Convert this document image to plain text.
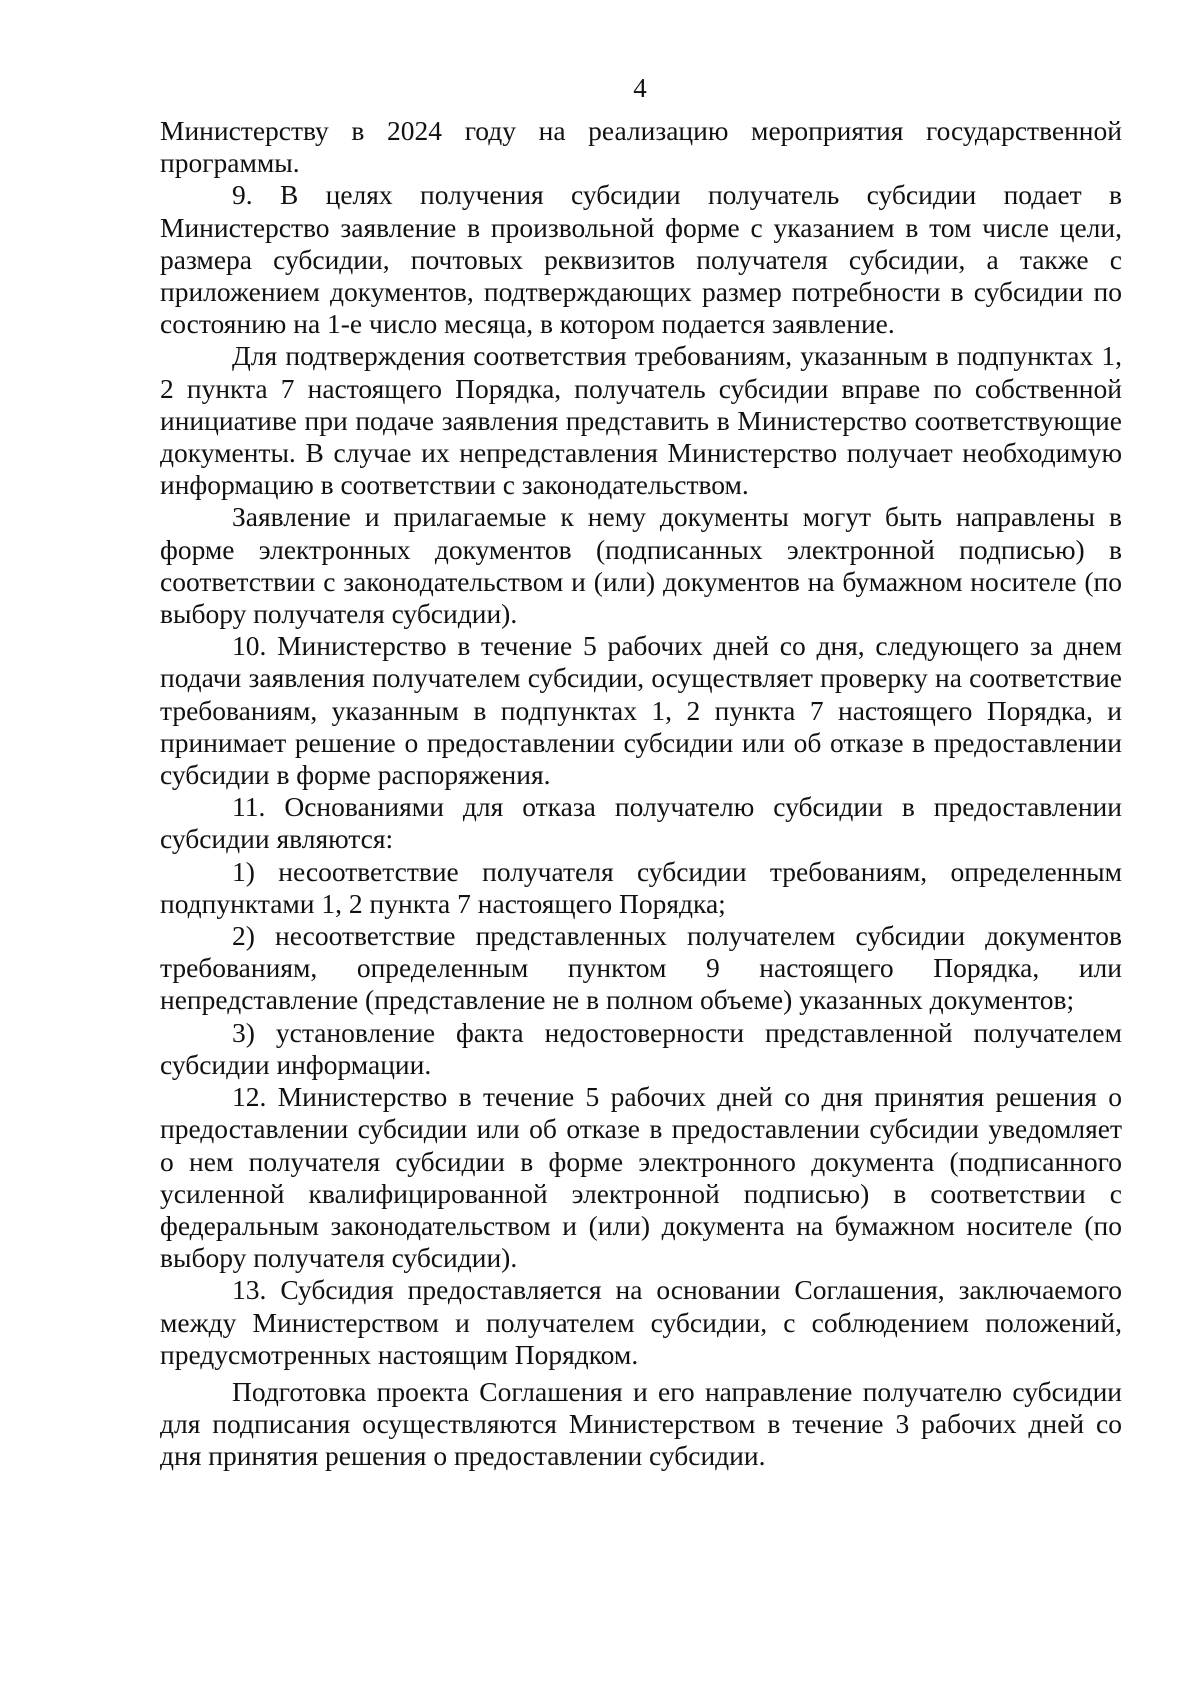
4

Министерству в 2024 году на реализацию мероприятия государственной программы.

9. В целях получения субсидии получатель субсидии подает в Министерство заявление в произвольной форме с указанием в том числе цели, размера субсидии, почтовых реквизитов получателя субсидии, а также с приложением документов, подтверждающих размер потребности в субсидии по состоянию на 1-е число месяца, в котором подается заявление.

Для подтверждения соответствия требованиям, указанным в подпунктах 1, 2 пункта 7 настоящего Порядка, получатель субсидии вправе по собственной инициативе при подаче заявления представить в Министерство соответствующие документы. В случае их непредставления Министерство получает необходимую информацию в соответствии с законодательством.

Заявление и прилагаемые к нему документы могут быть направлены в форме электронных документов (подписанных электронной подписью) в соответствии с законодательством и (или) документов на бумажном носителе (по выбору получателя субсидии).

10. Министерство в течение 5 рабочих дней со дня, следующего за днем подачи заявления получателем субсидии, осуществляет проверку на соответствие требованиям, указанным в подпунктах 1, 2 пункта 7 настоящего Порядка, и принимает решение о предоставлении субсидии или об отказе в предоставлении субсидии в форме распоряжения.

11. Основаниями для отказа получателю субсидии в предоставлении субсидии являются:

1) несоответствие получателя субсидии требованиям, определенным подпунктами 1, 2 пункта 7 настоящего Порядка;

2) несоответствие представленных получателем субсидии документов требованиям, определенным пунктом 9 настоящего Порядка, или непредставление (представление не в полном объеме) указанных документов;

3) установление факта недостоверности представленной получателем субсидии информации.

12. Министерство в течение 5 рабочих дней со дня принятия решения о предоставлении субсидии или об отказе в предоставлении субсидии уведомляет о нем получателя субсидии в форме электронного документа (подписанного усиленной квалифицированной электронной подписью) в соответствии с федеральным законодательством и (или) документа на бумажном носителе (по выбору получателя субсидии).

13. Субсидия предоставляется на основании Соглашения, заключаемого между Министерством и получателем субсидии, с соблюдением положений, предусмотренных настоящим Порядком.

Подготовка проекта Соглашения и его направление получателю субсидии для подписания осуществляются Министерством в течение 3 рабочих дней со дня принятия решения о предоставлении субсидии.
